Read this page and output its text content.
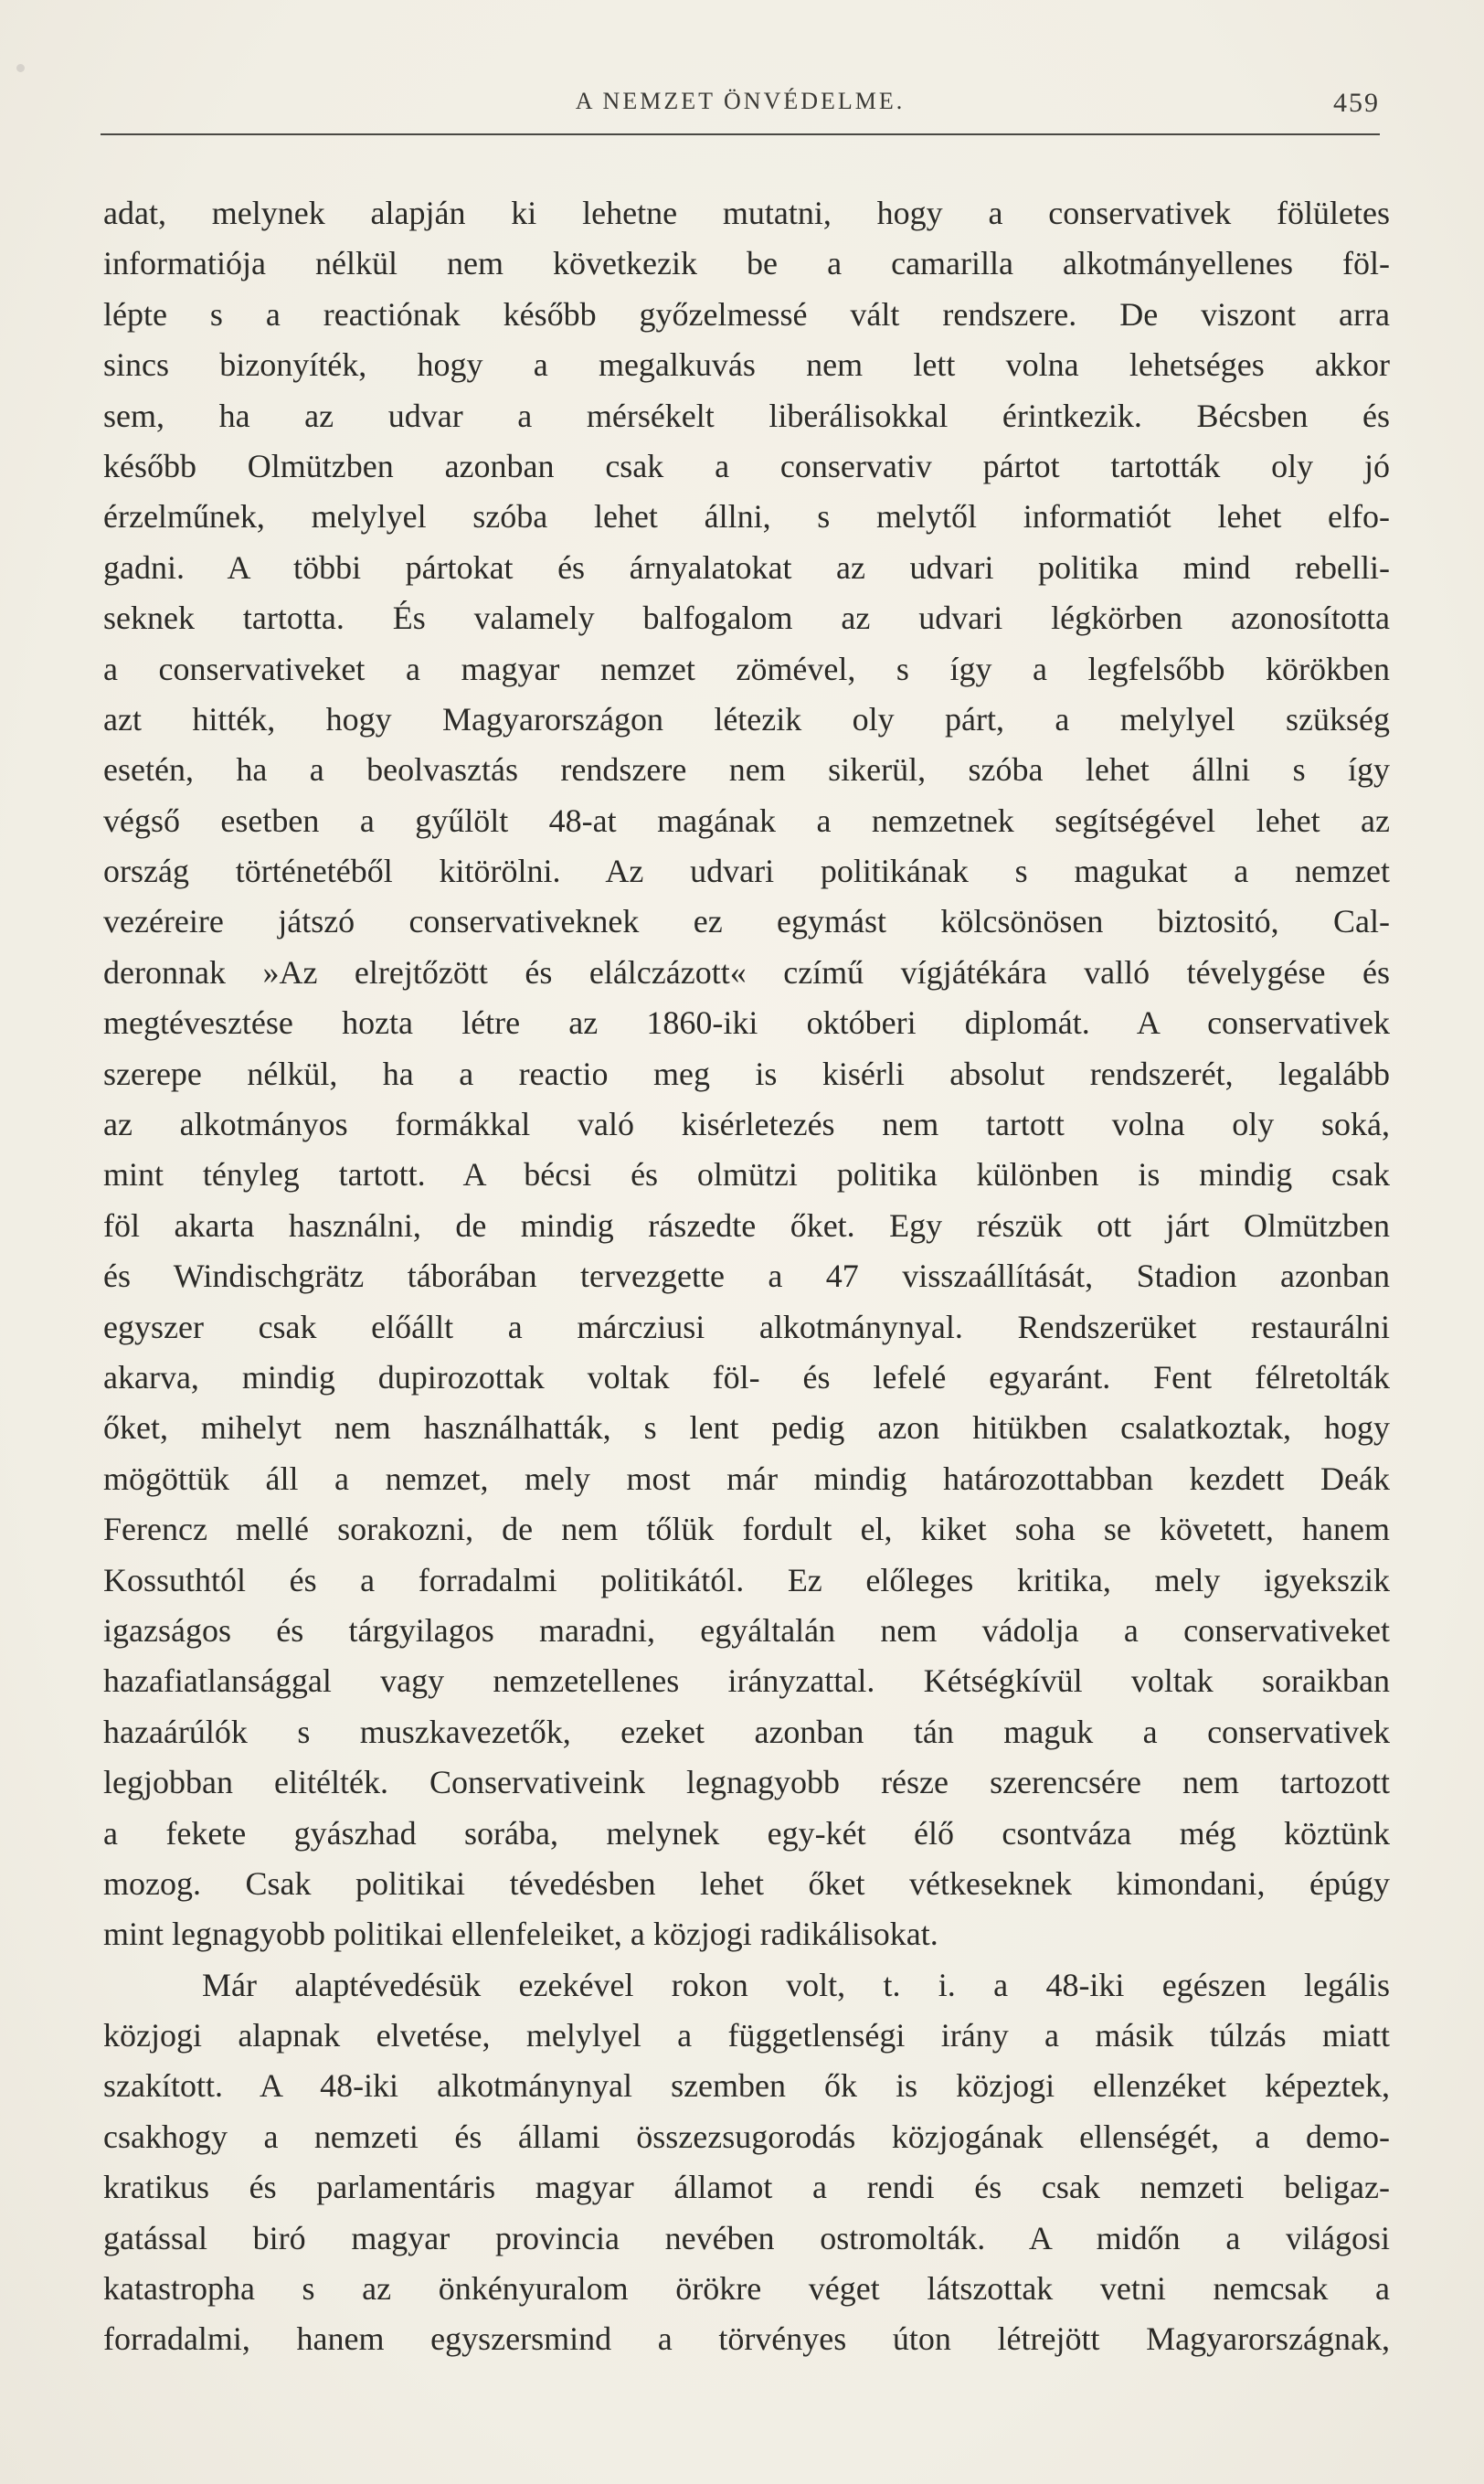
A NEMZET ÖNVÉDELME.	459
adat, melynek alapján ki lehetne mutatni, hogy a conservativek fölületes
informatiója nélkül nem következik be a camarilla alkotmányellenes föl-
lépte s a reactiónak később győzelmessé vált rendszere. De viszont arra
sincs bizonyíték, hogy a megalkuvás nem lett volna lehetséges akkor
sem, ha az udvar a mérsékelt liberálisokkal érintkezik. Bécsben és
később Olmützben azonban csak a conservativ pártot tartották oly jó
érzelműnek, melylyel szóba lehet állni, s melytől informatiót lehet elfo-
gadni. A többi pártokat és árnyalatokat az udvari politika mind rebelli-
seknek tartotta. És valamely balfogalom az udvari légkörben azonosította
a conservativeket a magyar nemzet zömével, s így a legfelsőbb körökben
azt hitték, hogy Magyarországon létezik oly párt, a melylyel szükség
esetén, ha a beolvasztás rendszere nem sikerül, szóba lehet állni s így
végső esetben a gyűlölt 48-at magának a nemzetnek segítségével lehet az
ország történetéből kitörölni. Az udvari politikának s magukat a nemzet
vezéreire játszó conservativeknek ez egymást kölcsönösen biztositó, Cal-
deronnak »Az elrejtőzött és elálczázott« czímű vígjátékára valló tévelygése és
megtévesztése hozta létre az 1860-iki októberi diplomát. A conservativek
szerepe nélkül, ha a reactio meg is kisérli absolut rendszerét, legalább
az alkotmányos formákkal való kisérletezés nem tartott volna oly soká,
mint tényleg tartott. A bécsi és olmützi politika különben is mindig csak
föl akarta használni, de mindig rászedte őket. Egy részük ott járt Olmützben
és Windischgrätz táborában tervezgette a 47 visszaállítását, Stadion azonban
egyszer csak előállt a márcziusi alkotmánynyal. Rendszerüket restaurálni
akarva, mindig dupirozottak voltak föl- és lefelé egyaránt. Fent félretolták
őket, mihelyt nem használhatták, s lent pedig azon hitükben csalatkoztak, hogy
mögöttük áll a nemzet, mely most már mindig határozottabban kezdett Deák
Ferencz mellé sorakozni, de nem tőlük fordult el, kiket soha se követett, hanem
Kossuthtól és a forradalmi politikától. Ez előleges kritika, mely igyekszik
igazságos és tárgyilagos maradni, egyáltalán nem vádolja a conservativeket
hazafiatlansággal vagy nemzetellenes irányzattal. Kétségkívül voltak soraikban
hazaárúlók s muszkavezetők, ezeket azonban tán maguk a conservativek
legjobban elitélték. Conservativeink legnagyobb része szerencsére nem tartozott
a fekete gyászhad sorába, melynek egy-két élő csontváza még köztünk
mozog. Csak politikai tévedésben lehet őket vétkeseknek kimondani, épúgy
mint legnagyobb politikai ellenfeleiket, a közjogi radikálisokat.
Már alaptévedésük ezekével rokon volt, t. i. a 48-iki egészen legális
közjogi alapnak elvetése, melylyel a függetlenségi irány a másik túlzás miatt
szakított. A 48-iki alkotmánynyal szemben ők is közjogi ellenzéket képeztek,
csakhogy a nemzeti és állami összezsugorodás közjogának ellenségét, a demo-
kratikus és parlamentáris magyar államot a rendi és csak nemzeti beligaz-
gatással biró magyar provincia nevében ostromolták. A midőn a világosi
katastropha s az önkényuralom örökre véget látszottak vetni nemcsak a
forradalmi, hanem egyszersmind a törvényes úton létrejött Magyarországnak,
